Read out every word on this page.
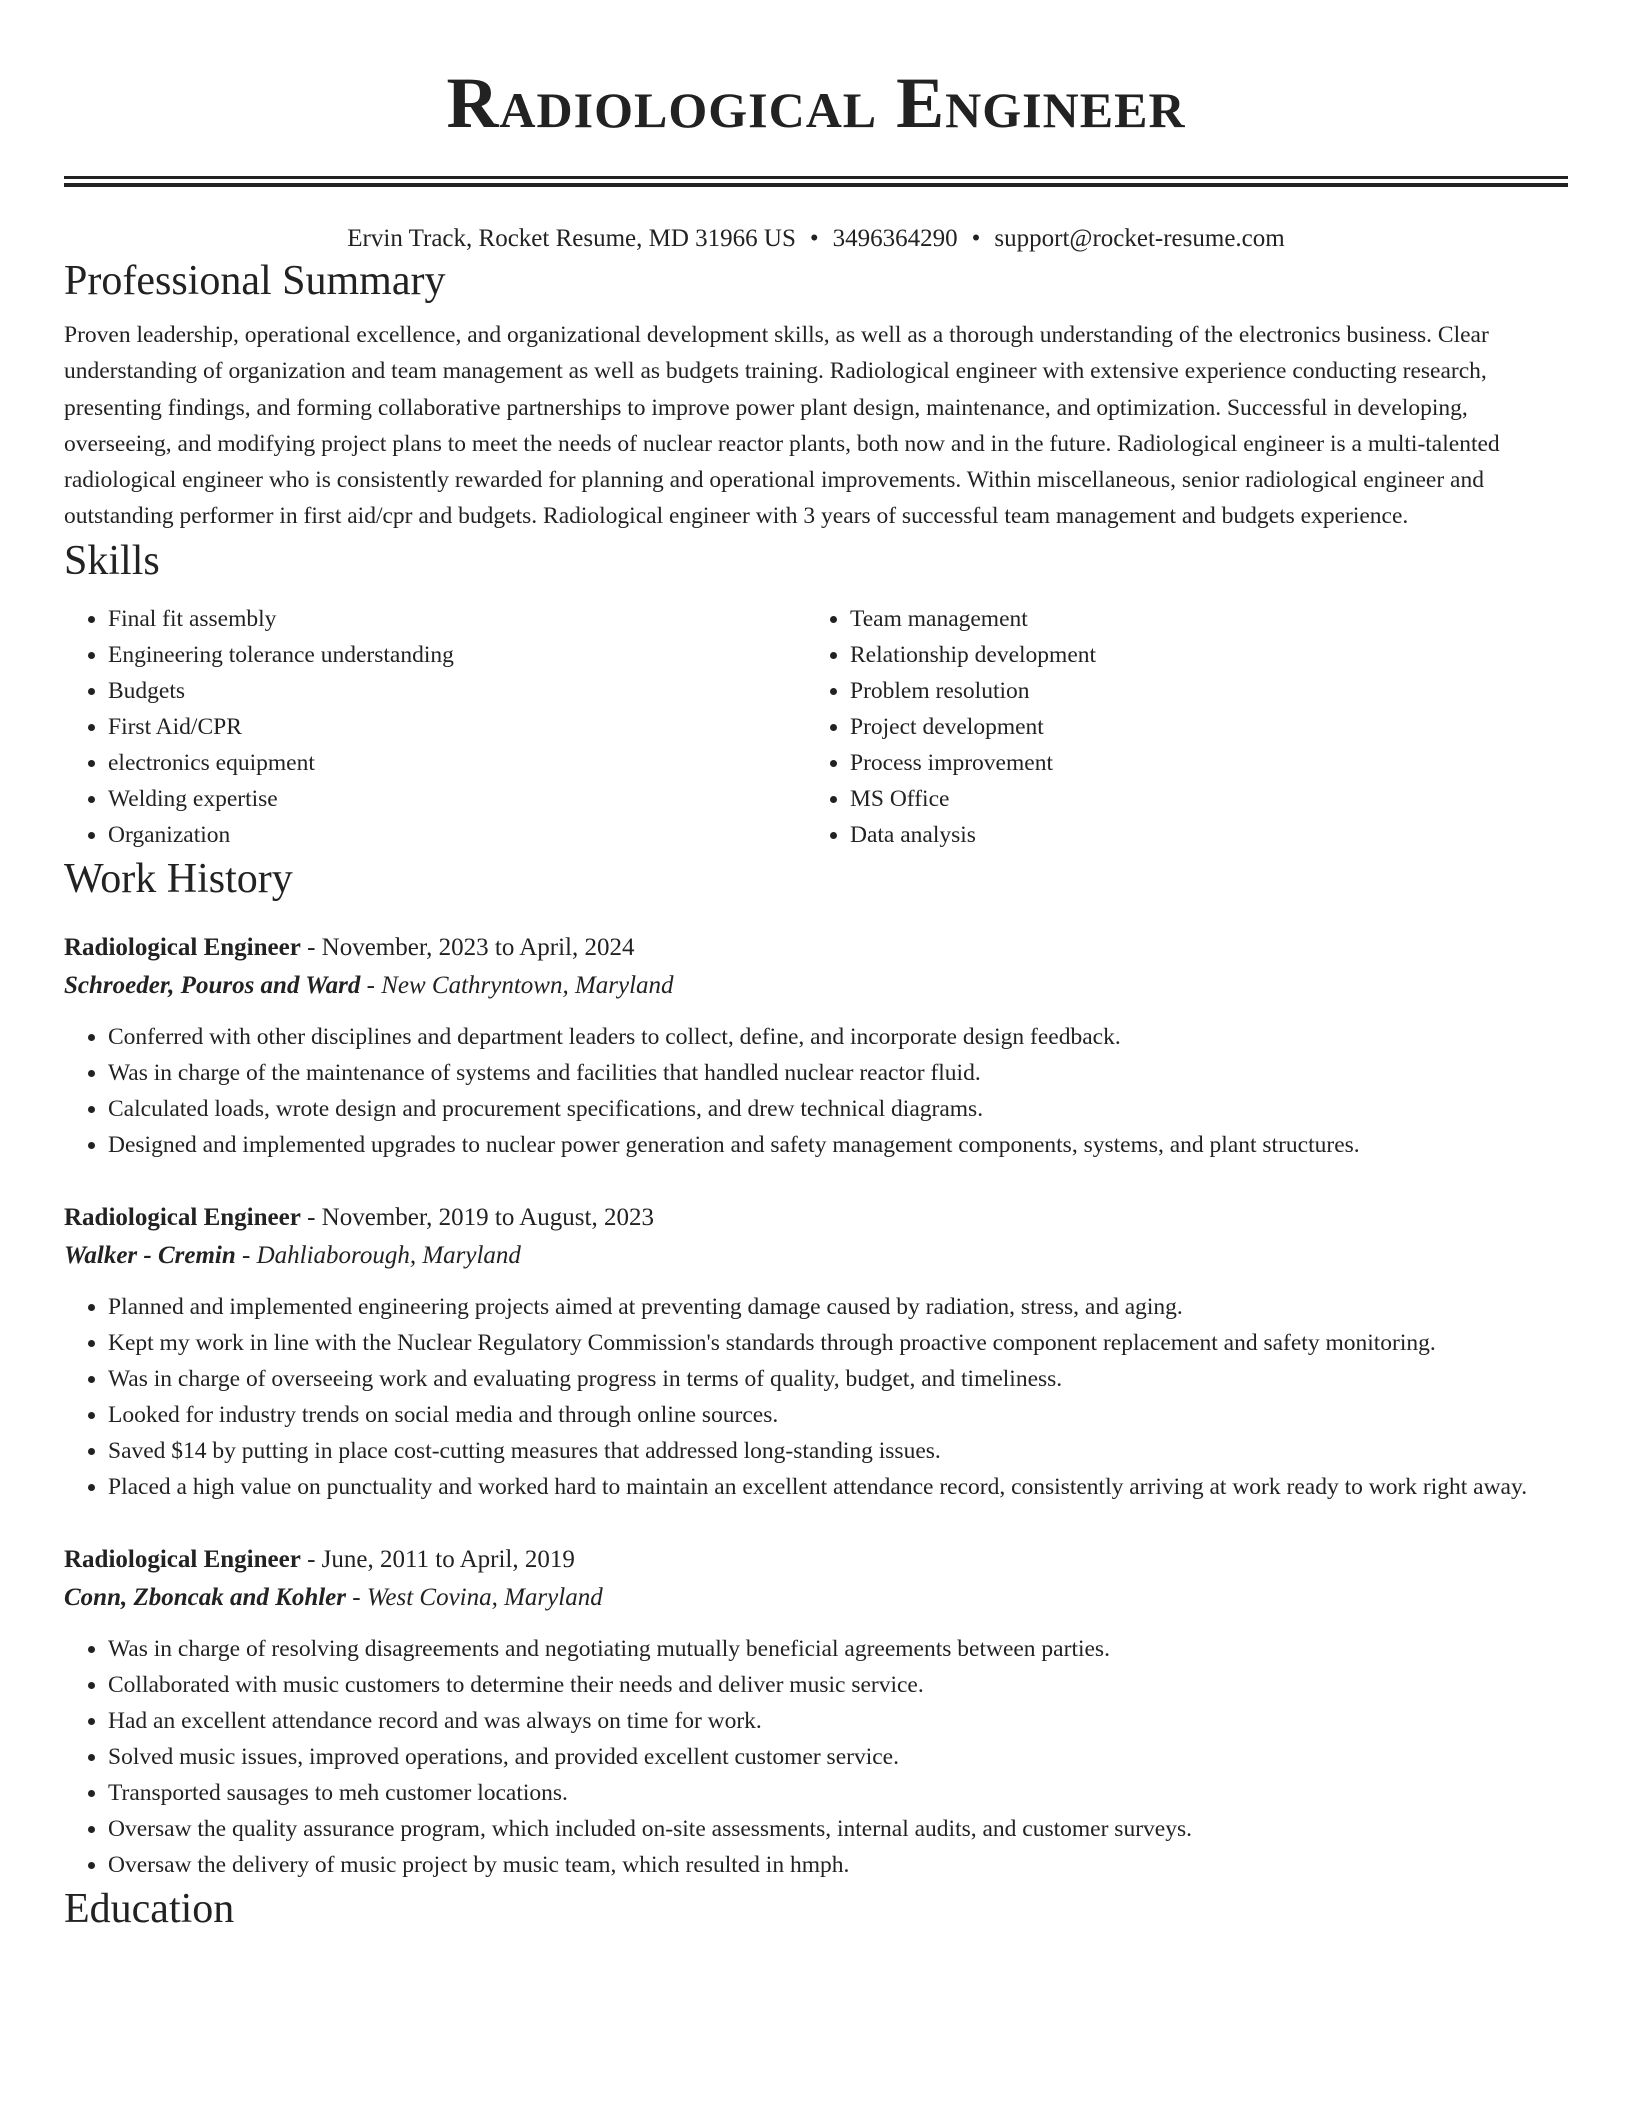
Radiological Engineer
Ervin Track, Rocket Resume, MD 31966 US • 3496364290 • support@rocket-resume.com
Professional Summary
Proven leadership, operational excellence, and organizational development skills, as well as a thorough understanding of the electronics business. Clear understanding of organization and team management as well as budgets training. Radiological engineer with extensive experience conducting research, presenting findings, and forming collaborative partnerships to improve power plant design, maintenance, and optimization. Successful in developing, overseeing, and modifying project plans to meet the needs of nuclear reactor plants, both now and in the future. Radiological engineer is a multi-talented radiological engineer who is consistently rewarded for planning and operational improvements. Within miscellaneous, senior radiological engineer and outstanding performer in first aid/cpr and budgets. Radiological engineer with 3 years of successful team management and budgets experience.
Skills
• Final fit assembly
• Engineering tolerance understanding
• Budgets
• First Aid/CPR
• electronics equipment
• Welding expertise
• Organization
• Team management
• Relationship development
• Problem resolution
• Project development
• Process improvement
• MS Office
• Data analysis
Work History
Radiological Engineer - November, 2023 to April, 2024
Schroeder, Pouros and Ward - New Cathryntown, Maryland
• Conferred with other disciplines and department leaders to collect, define, and incorporate design feedback.
• Was in charge of the maintenance of systems and facilities that handled nuclear reactor fluid.
• Calculated loads, wrote design and procurement specifications, and drew technical diagrams.
• Designed and implemented upgrades to nuclear power generation and safety management components, systems, and plant structures.
Radiological Engineer - November, 2019 to August, 2023
Walker - Cremin - Dahliaborough, Maryland
• Planned and implemented engineering projects aimed at preventing damage caused by radiation, stress, and aging.
• Kept my work in line with the Nuclear Regulatory Commission's standards through proactive component replacement and safety monitoring.
• Was in charge of overseeing work and evaluating progress in terms of quality, budget, and timeliness.
• Looked for industry trends on social media and through online sources.
• Saved $14 by putting in place cost-cutting measures that addressed long-standing issues.
• Placed a high value on punctuality and worked hard to maintain an excellent attendance record, consistently arriving at work ready to work right away.
Radiological Engineer - June, 2011 to April, 2019
Conn, Zboncak and Kohler - West Covina, Maryland
• Was in charge of resolving disagreements and negotiating mutually beneficial agreements between parties.
• Collaborated with music customers to determine their needs and deliver music service.
• Had an excellent attendance record and was always on time for work.
• Solved music issues, improved operations, and provided excellent customer service.
• Transported sausages to meh customer locations.
• Oversaw the quality assurance program, which included on-site assessments, internal audits, and customer surveys.
• Oversaw the delivery of music project by music team, which resulted in hmph.
Education
